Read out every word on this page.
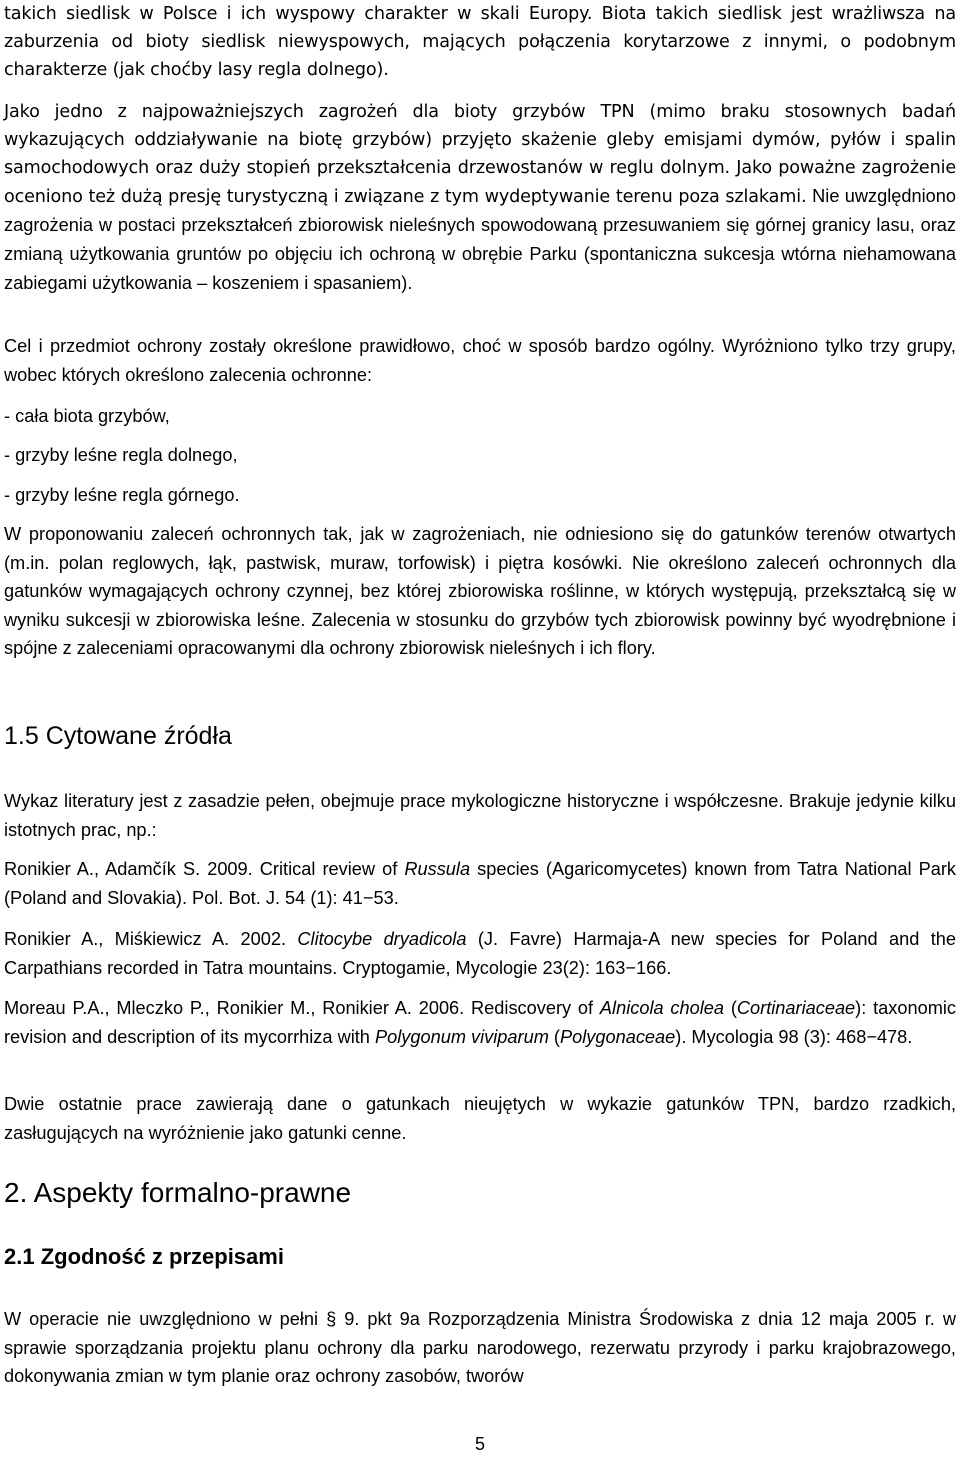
takich siedlisk w Polsce i ich wyspowy charakter w skali Europy. Biota takich siedlisk jest wrażliwsza na zaburzenia od bioty siedlisk niewyspowych, mających połączenia korytarzowe z innymi, o podobnym charakterze (jak choćby lasy regla dolnego).

Jako jedno z najpoważniejszych zagrożeń dla bioty grzybów TPN (mimo braku stosownych badań wykazujących oddziaływanie na biotę grzybów) przyjęto skażenie gleby emisjami dymów, pyłów i spalin samochodowych oraz duży stopień przekształcenia drzewostanów w reglu dolnym. Jako poważne zagrożenie oceniono też dużą presję turystyczną i związane z tym wydeptywanie terenu poza szlakami. Nie uwzględniono zagrożenia w postaci przekształceń zbiorowisk nieleśnych spowodowaną przesuwaniem się górnej granicy lasu, oraz zmianą użytkowania gruntów po objęciu ich ochroną w obrębie Parku (spontaniczna sukcesja wtórna niehamowana zabiegami użytkowania – koszeniem i spasaniem).

Cel i przedmiot ochrony zostały określone prawidłowo, choć w sposób bardzo ogólny. Wyróżniono tylko trzy grupy, wobec których określono zalecenia ochronne:

- cała biota grzybów,

- grzyby leśne regla dolnego,

- grzyby leśne regla górnego.

W proponowaniu zaleceń ochronnych tak, jak w zagrożeniach, nie odniesiono się do gatunków terenów otwartych (m.in. polan reglowych, łąk, pastwisk, muraw, torfowisk) i piętra kosówki. Nie określono zaleceń ochronnych dla gatunków wymagających ochrony czynnej, bez której zbiorowiska roślinne, w których występują, przekształcą się w wyniku sukcesji w zbiorowiska leśne. Zalecenia w stosunku do grzybów tych zbiorowisk powinny być wyodrębnione i spójne z zaleceniami opracowanymi dla ochrony zbiorowisk nieleśnych i ich flory.

1.5 Cytowane źródła

Wykaz literatury jest z zasadzie pełen, obejmuje prace mykologiczne historyczne i współczesne. Brakuje jedynie kilku istotnych prac, np.:

Ronikier A., Adamčík S. 2009. Critical review of Russula species (Agaricomycetes) known from Tatra National Park (Poland and Slovakia). Pol. Bot. J. 54 (1): 41−53.

Ronikier A., Miśkiewicz A. 2002. Clitocybe dryadicola (J. Favre) Harmaja-A new species for Poland and the Carpathians recorded in Tatra mountains. Cryptogamie, Mycologie 23(2): 163−166.

Moreau P.A., Mleczko P., Ronikier M., Ronikier A. 2006. Rediscovery of Alnicola cholea (Cortinariaceae): taxonomic revision and description of its mycorrhiza with Polygonum viviparum (Polygonaceae). Mycologia 98 (3): 468−478.

Dwie ostatnie prace zawierają dane o gatunkach nieujętych w wykazie gatunków TPN, bardzo rzadkich, zasługujących na wyróżnienie jako gatunki cenne.

2. Aspekty formalno-prawne
2.1 Zgodność z przepisami

W operacie nie uwzględniono w pełni § 9. pkt 9a Rozporządzenia Ministra Środowiska z dnia 12 maja 2005 r. w sprawie sporządzania projektu planu ochrony dla parku narodowego, rezerwatu przyrody i parku krajobrazowego, dokonywania zmian w tym planie oraz ochrony zasobów, tworów

5
